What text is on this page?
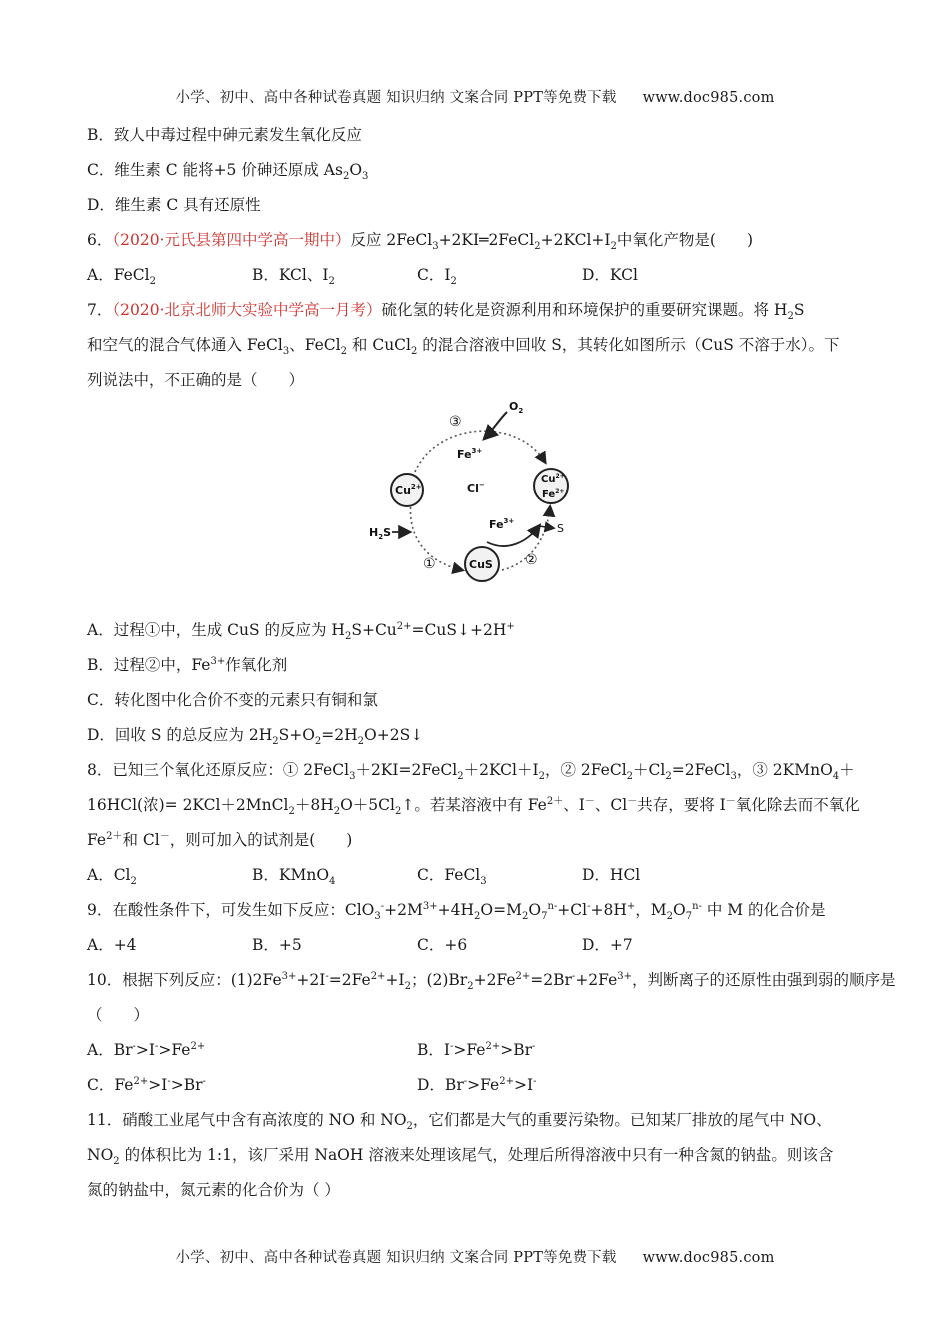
小学、初中、高中各种试卷真题 知识归纳 文案合同 PPT等免费下载 www.doc985.com
B．致人中毒过程中砷元素发生氧化反应
C．维生素 C 能将+5 价砷还原成 $As_2O_3$
D．维生素 C 具有还原性
6．（2020·元氏县第四中学高一期中）反应 $2FeCl_3+2KI═2FeCl_2+2KCl+I_2$中氧化产物是(　　)
A．FeCl$_2$	B．KCl、$I_2$	C．$I_2$	D．KCl
7．（2020·北京北师大实验中学高一月考）硫化氢的转化是资源利用和环境保护的重要研究课题。将 $H_2S$
和空气的混合气体通入 FeCl$_3$、FeCl$_2$ 和 CuCl$_2$ 的混合溶液中回收 S，其转化如图所示（CuS 不溶于水）。下
列说法中，不正确的是（　　）
$O_2$
③
$Fe^{3+}$
$Cu^{2+}$	Cl−	$Cu^{2+}$
$Fe^{2+}$
$Fe^{3+}$
S
$H_2S$
CuS
①	②
A．过程①中，生成 CuS 的反应为 $H_2S+Cu^{2+}=CuS↓+2H^+$
B．过程②中，$Fe^{3+}$作氧化剂
C．转化图中化合价不变的元素只有铜和氯
D．回收 S 的总反应为 $2H_2S+O_2=2H_2O+2S↓$
8．已知三个氧化还原反应：① $2FeCl_3+2KI=2FeCl_2+2KCl+I_2$，② $2FeCl_2+Cl_2=2FeCl_3$，③ 2KMnO$_4$＋
16HCl(浓)= $2KCl+2MnCl_2+8H_2O+5Cl_2↑$。若某溶液中有 $Fe^{2+}$、I－、Cl－共存，要将 I－氧化除去而不氧化
$Fe^{2+}$和 Cl－，则可加入的试剂是(　　)
A．$Cl_2$	B．KMnO$_4$	C．FeCl$_3$	D．HCl
9．在酸性条件下，可发生如下反应：$ClO_3^-+2M^{3+}+4H_2O=M_2O_7^{n-}+Cl^-+8H^+$，$M_2O_7^{n-}$ 中 M 的化合价是
A．+4	B．+5	C．+6	D．+7
10．根据下列反应：$(1)2Fe^{3+}+2I^-=2Fe^{2+}+I_2$；$(2)Br_2+2Fe^{2+}=2Br^-+2Fe^{3+}$，判断离子的还原性由强到弱的顺序是
（　　）
A．$Br^->I^->Fe^{2+}$	B．$I^->Fe^{2+}>Br^-$
C．$Fe^{2+}>I^->Br^-$	D．$Br^->Fe^{2+}>I^-$
11．硝酸工业尾气中含有高浓度的 NO 和 $NO_2$，它们都是大气的重要污染物。已知某厂排放的尾气中 NO、
$NO_2$ 的体积比为 1:1，该厂采用 NaOH 溶液来处理该尾气，处理后所得溶液中只有一种含氮的钠盐。则该含
氮的钠盐中，氮元素的化合价为（ ）
小学、初中、高中各种试卷真题 知识归纳 文案合同 PPT等免费下载 www.doc985.com
